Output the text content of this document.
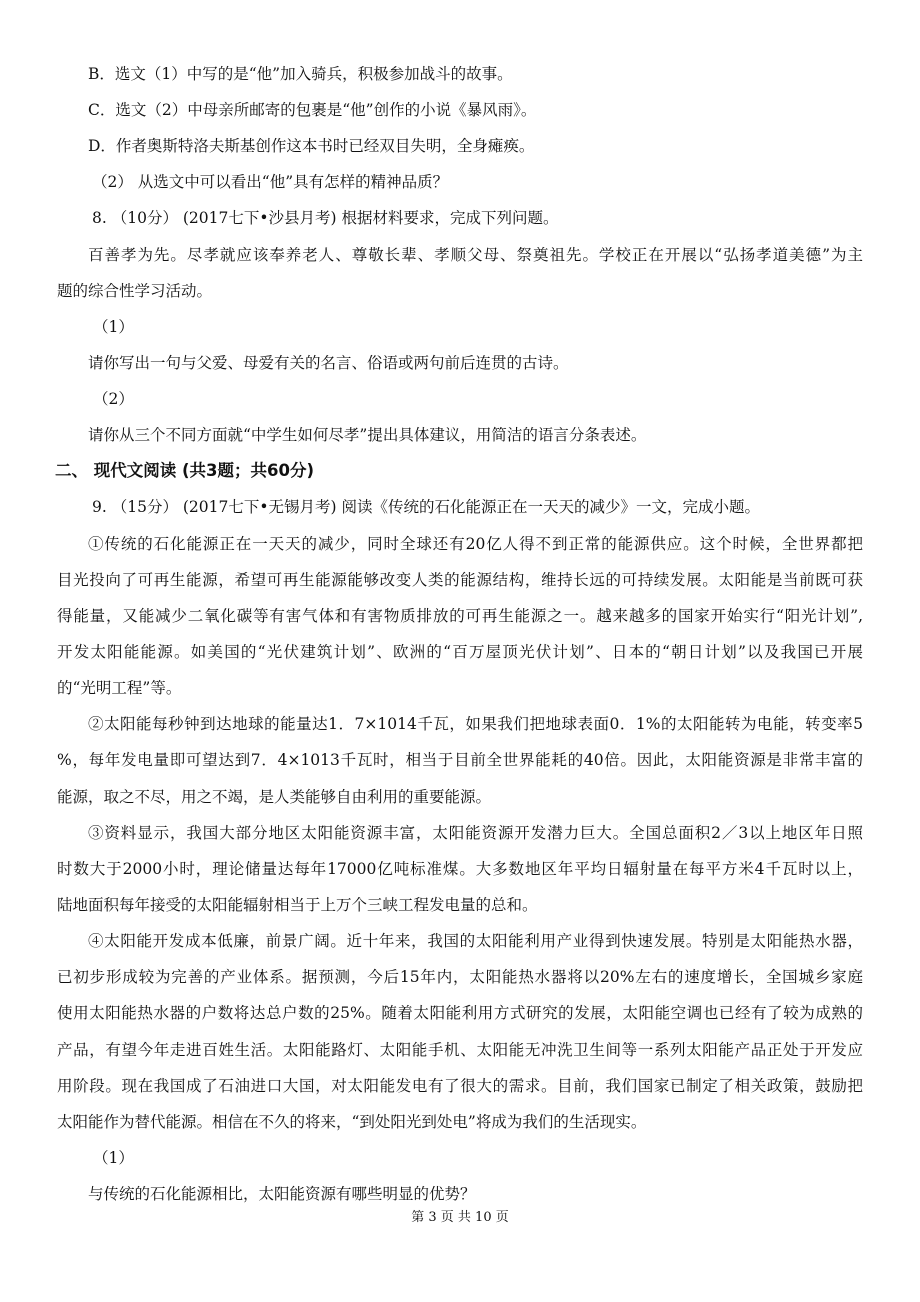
B．选文（1）中写的是“他”加入骑兵，积极参加战斗的故事。
C．选文（2）中母亲所邮寄的包裹是“他”创作的小说《暴风雨》。
D．作者奥斯特洛夫斯基创作这本书时已经双目失明，全身瘫痪。
（2） 从选文中可以看出“他”具有怎样的精神品质？
8. （10分） (2017七下•沙县月考) 根据材料要求，完成下列问题。
百善孝为先。尽孝就应该奉养老人、尊敬长辈、孝顺父母、祭奠祖先。学校正在开展以“弘扬孝道美德”为主
题的综合性学习活动。
（1）
请你写出一句与父爱、母爱有关的名言、俗语或两句前后连贯的古诗。
（2）
请你从三个不同方面就“中学生如何尽孝”提出具体建议，用简洁的语言分条表述。
二、 现代文阅读 (共3题；共60分)
9. （15分） (2017七下•无锡月考) 阅读《传统的石化能源正在一天天的减少》一文，完成小题。
①传统的石化能源正在一天天的减少，同时全球还有20亿人得不到正常的能源供应。这个时候，全世界都把
目光投向了可再生能源，希望可再生能源能够改变人类的能源结构，维持长远的可持续发展。太阳能是当前既可获
得能量，又能减少二氧化碳等有害气体和有害物质排放的可再生能源之一。越来越多的国家开始实行“阳光计划”,
开发太阳能能源。如美国的“光伏建筑计划”、欧洲的“百万屋顶光伏计划”、日本的“朝日计划”以及我国已开展
的“光明工程”等。
②太阳能每秒钟到达地球的能量达1．7×1014千瓦，如果我们把地球表面0．1%的太阳能转为电能，转变率5
%，每年发电量即可望达到7．4×1013千瓦时，相当于目前全世界能耗的40倍。因此，太阳能资源是非常丰富的
能源，取之不尽，用之不竭，是人类能够自由利用的重要能源。
③资料显示，我国大部分地区太阳能资源丰富，太阳能资源开发潜力巨大。全国总面积2／3以上地区年日照
时数大于2000小时，理论储量达每年17000亿吨标准煤。大多数地区年平均日辐射量在每平方米4千瓦时以上，
陆地面积每年接受的太阳能辐射相当于上万个三峡工程发电量的总和。
④太阳能开发成本低廉，前景广阔。近十年来，我国的太阳能利用产业得到快速发展。特别是太阳能热水器，
已初步形成较为完善的产业体系。据预测，今后15年内，太阳能热水器将以20%左右的速度增长，全国城乡家庭
使用太阳能热水器的户数将达总户数的25%。随着太阳能利用方式研究的发展，太阳能空调也已经有了较为成熟的
产品，有望今年走进百姓生活。太阳能路灯、太阳能手机、太阳能无冲洗卫生间等一系列太阳能产品正处于开发应
用阶段。现在我国成了石油进口大国，对太阳能发电有了很大的需求。目前，我们国家已制定了相关政策，鼓励把
太阳能作为替代能源。相信在不久的将来，“到处阳光到处电”将成为我们的生活现实。
（1）
与传统的石化能源相比，太阳能资源有哪些明显的优势？
第 3 页 共 10 页
